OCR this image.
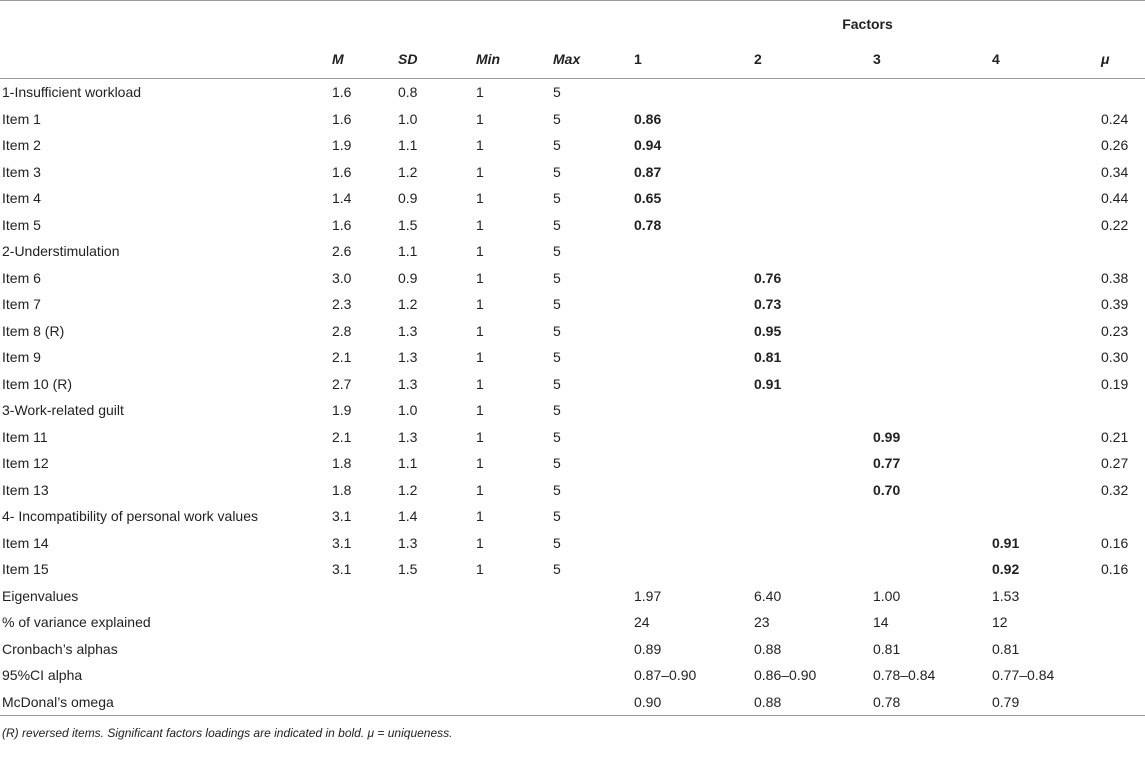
					Factors				
	M	SD	Min	Max	1	2	3	4	μ
1-Insufficient workload	1.6	0.8	1	5					
Item 1	1.6	1.0	1	5	0.86				0.24
Item 2	1.9	1.1	1	5	0.94				0.26
Item 3	1.6	1.2	1	5	0.87				0.34
Item 4	1.4	0.9	1	5	0.65				0.44
Item 5	1.6	1.5	1	5	0.78				0.22
2-Understimulation	2.6	1.1	1	5					
Item 6	3.0	0.9	1	5		0.76			0.38
Item 7	2.3	1.2	1	5		0.73			0.39
Item 8 (R)	2.8	1.3	1	5		0.95			0.23
Item 9	2.1	1.3	1	5		0.81			0.30
Item 10 (R)	2.7	1.3	1	5		0.91			0.19
3-Work-related guilt	1.9	1.0	1	5					
Item 11	2.1	1.3	1	5			0.99		0.21
Item 12	1.8	1.1	1	5			0.77		0.27
Item 13	1.8	1.2	1	5			0.70		0.32
4- Incompatibility of personal work values	3.1	1.4	1	5					
Item 14	3.1	1.3	1	5				0.91	0.16
Item 15	3.1	1.5	1	5				0.92	0.16
Eigenvalues					1.97	6.40	1.00	1.53	
% of variance explained					24	23	14	12	
Cronbach’s alphas					0.89	0.88	0.81	0.81	
95%CI alpha					0.87–0.90	0.86–0.90	0.78–0.84	0.77–0.84	
McDonal’s omega					0.90	0.88	0.78	0.79	

(R) reversed items. Significant factors loadings are indicated in bold. μ = uniqueness.
